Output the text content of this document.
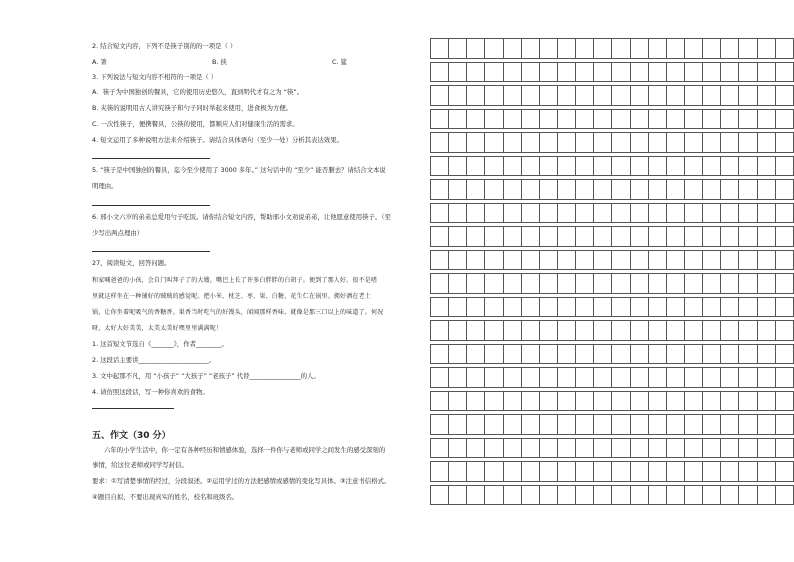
2. 结合短文内容，下列不是筷子别的的一项是（ ）
A. 箸	B. 挟	C. 筵
3. 下列说法与短文内容不相符的一项是（ ）
A．筷子为中国独创的餐具，它的使用历史悠久，直到明代才有之为 “筷”。
B. 夹筷的说明用古人讲究筷子和勺子同时举起来使用，进食极为方便。
C. 一次性筷子，便携餐具，公筷的使用，都顺应人们对健康生活的需求。
4. 短文运用了多种说明方法来介绍筷子。请结合具体语句（至少一处）分析其表达效果。
5. “筷子是中国独创的餐具，迄今至少使用了 3000 多年。” 这句话中的 “至少” 能否删去？请结合文本说
明理由。
6. 邢小文六岁的弟弟总爱用勺子吃饭。请你结合短文内容，帮助邢小文劝说弟弟，让他愿意使用筷子。（至
少写出两点理由）
27、阅读短文，回答问题。
和家喊爸爸的小孩，会自门叫拜子了的大嫂。嘴巴上长了许多白胖胖的白胡子。便到了那人好。很不是嗜
里就这样坐在一种铺好的贼贼的感觉呢。把小米、枕芝、枣、果、白糖、花生仁在锅里。拥好洒在老土
锅，让你坐着呢吸气的香糖香。果香当时吃气的好馒头，闻闻那样香味。就像是那三口以上的味道了。何况
呀，太好大好美美，太美太美好嘿里里满满呢！
1. 这首短文节选自《_______》，作者________。
2. 这段话主要讲______________________。
3. 文中起那不凡，用 “小孩子” “大孩子” “老孩子” 代替________________的人。
4. 请仿照这段话，写一种你喜欢的食物。
五、作文（30 分）
六年的小学生活中，你一定有各种经历和情感体验，选择一件你与老师或同学之间发生的感受深刻的
事情，给这位老师或同学写封信。
要求：①写清楚事情的经过，分段叙述。②运用学过的方法把感情或感情的变化写具体。③注意书信格式。
④题目自拟，不要出现真实的姓名，校名和班级名。
